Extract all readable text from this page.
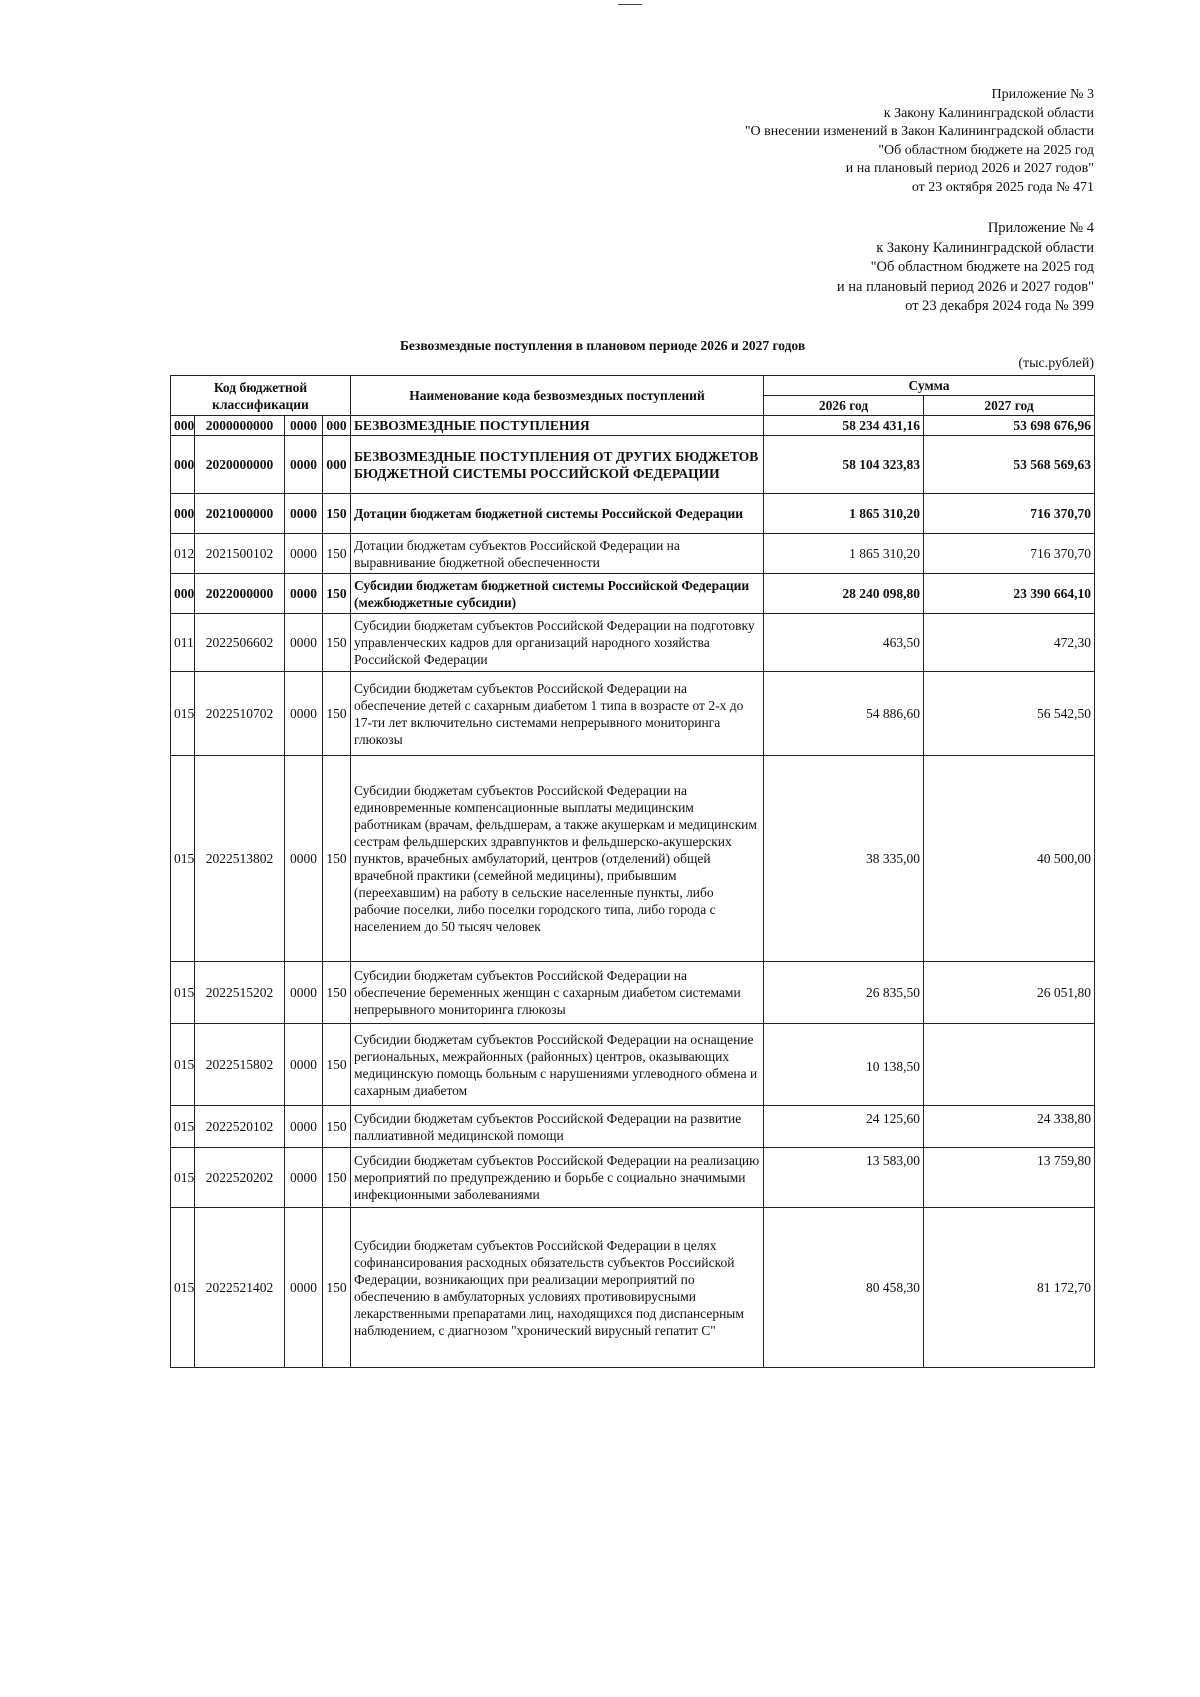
Приложение № 3
к Закону Калининградской области
"О внесении изменений в Закон Калининградской области
"Об областном бюджете на 2025 год
и на плановый период 2026 и 2027 годов"
от 23 октября 2025 года № 471
Приложение № 4
к Закону Калининградской области
"Об областном бюджете на 2025 год
и на плановый период 2026 и 2027 годов"
от 23 декабря 2024 года № 399
Безвозмездные поступления в плановом периоде 2026 и 2027 годов
(тыс.рублей)
Код бюджетной классификации				Наименование кода безвозмездных поступлений	Сумма	
					2026 год	2027 год
000	2000000000	0000	000	БЕЗВОЗМЕЗДНЫЕ ПОСТУПЛЕНИЯ	58 234 431,16	53 698 676,96
000	2020000000	0000	000	БЕЗВОЗМЕЗДНЫЕ ПОСТУПЛЕНИЯ ОТ ДРУГИХ БЮДЖЕТОВ БЮДЖЕТНОЙ СИСТЕМЫ РОССИЙСКОЙ ФЕДЕРАЦИИ	58 104 323,83	53 568 569,63
000	2021000000	0000	150	Дотации бюджетам бюджетной системы Российской Федерации	1 865 310,20	716 370,70
012	2021500102	0000	150	Дотации бюджетам субъектов Российской Федерации на выравнивание бюджетной обеспеченности	1 865 310,20	716 370,70
000	2022000000	0000	150	Субсидии бюджетам бюджетной системы Российской Федерации (межбюджетные субсидии)	28 240 098,80	23 390 664,10
011	2022506602	0000	150	Субсидии бюджетам субъектов Российской Федерации на подготовку управленческих кадров для организаций народного хозяйства Российской Федерации	463,50	472,30
015	2022510702	0000	150	Субсидии бюджетам субъектов Российской Федерации на обеспечение детей с сахарным диабетом 1 типа в возрасте от 2-х до 17-ти лет включительно системами непрерывного мониторинга глюкозы	54 886,60	56 542,50
015	2022513802	0000	150	Субсидии бюджетам субъектов Российской Федерации на единовременные компенсационные выплаты медицинским работникам (врачам, фельдшерам, а также акушеркам и медицинским сестрам фельдшерских здравпунктов и фельдшерско-акушерских пунктов, врачебных амбулаторий, центров (отделений) общей врачебной практики (семейной медицины), прибывшим (переехавшим) на работу в сельские населенные пункты, либо рабочие поселки, либо поселки городского типа, либо города с населением до 50 тысяч человек	38 335,00	40 500,00
015	2022515202	0000	150	Субсидии бюджетам субъектов Российской Федерации на обеспечение беременных женщин с сахарным диабетом системами непрерывного мониторинга глюкозы	26 835,50	26 051,80
015	2022515802	0000	150	Субсидии бюджетам субъектов Российской Федерации на оснащение региональных, межрайонных (районных) центров, оказывающих медицинскую помощь больным с нарушениями углеводного обмена и сахарным диабетом	10 138,50	
015	2022520102	0000	150	Субсидии бюджетам субъектов Российской Федерации на развитие паллиативной медицинской помощи	24 125,60	24 338,80
015	2022520202	0000	150	Субсидии бюджетам субъектов Российской Федерации на реализацию мероприятий по предупреждению и борьбе с социально значимыми инфекционными заболеваниями	13 583,00	13 759,80
015	2022521402	0000	150	Субсидии бюджетам субъектов Российской Федерации в целях софинансирования расходных обязательств субъектов Российской Федерации, возникающих при реализации мероприятий по обеспечению в амбулаторных условиях противовирусными лекарственными препаратами лиц, находящихся под диспансерным наблюдением, с диагнозом "хронический вирусный гепатит С"	80 458,30	81 172,70
